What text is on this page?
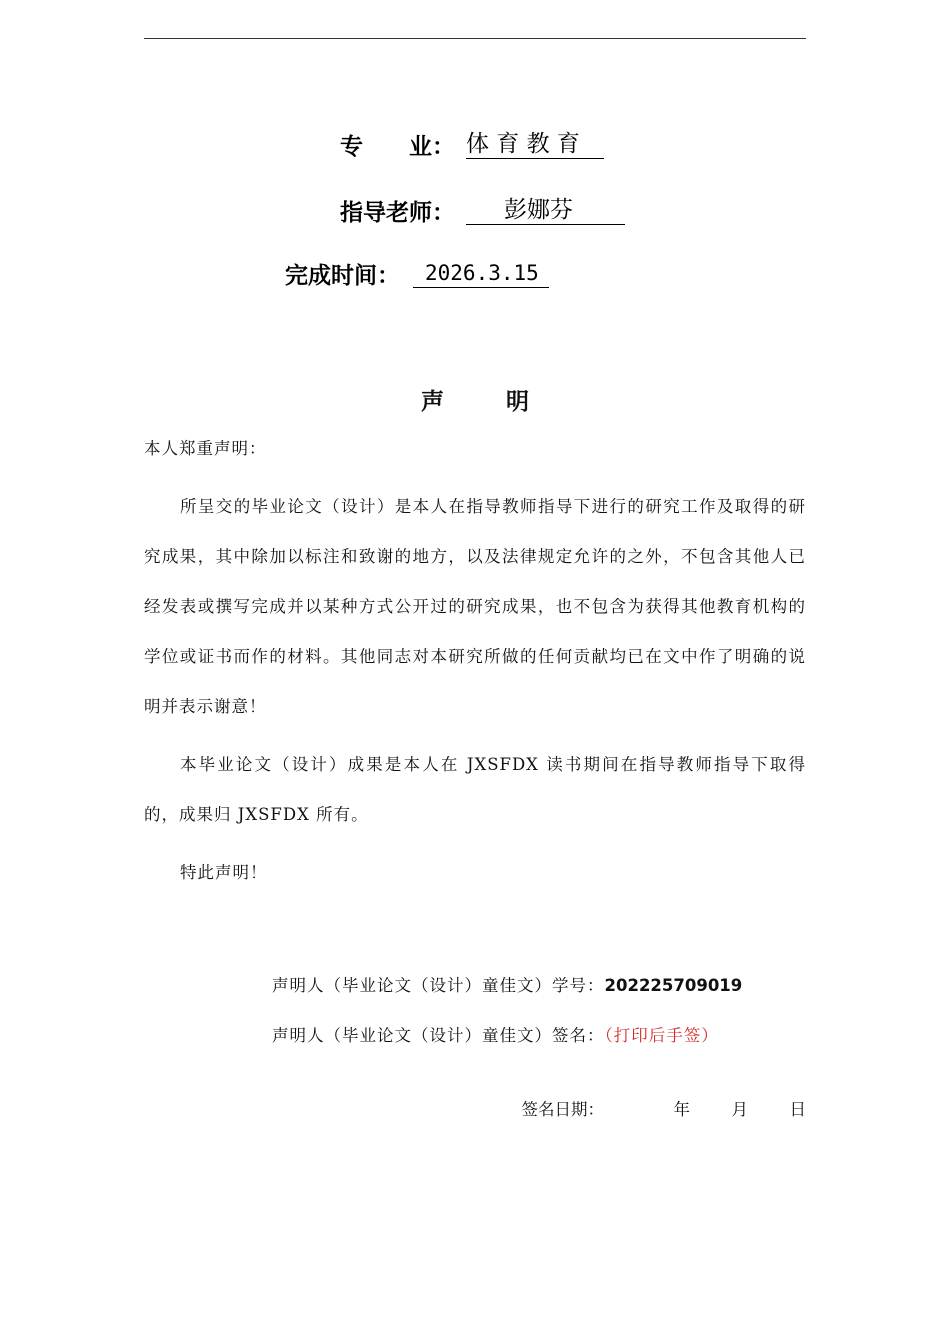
专　　业： 体 育 教 育
指导老师：	彭娜芬
完成时间：	2026.3.15
声明

本人郑重声明：

所呈交的毕业论文（设计）是本人在指导教师指导下进行的研究工作及取得的研究成果，其中除加以标注和致谢的地方，以及法律规定允许的之外，不包含其他人已经发表或撰写完成并以某种方式公开过的研究成果，也不包含为获得其他教育机构的学位或证书而作的材料。其他同志对本研究所做的任何贡献均已在文中作了明确的说明并表示谢意！

本毕业论文（设计）成果是本人在 JXSFDX 读书期间在指导教师指导下取得的，成果归 JXSFDX 所有。

特此声明！

声明人（毕业论文（设计）童佳文）学号：202225709019
声明人（毕业论文（设计）童佳文）签名：（打印后手签）
签名日期：	年	月	日
